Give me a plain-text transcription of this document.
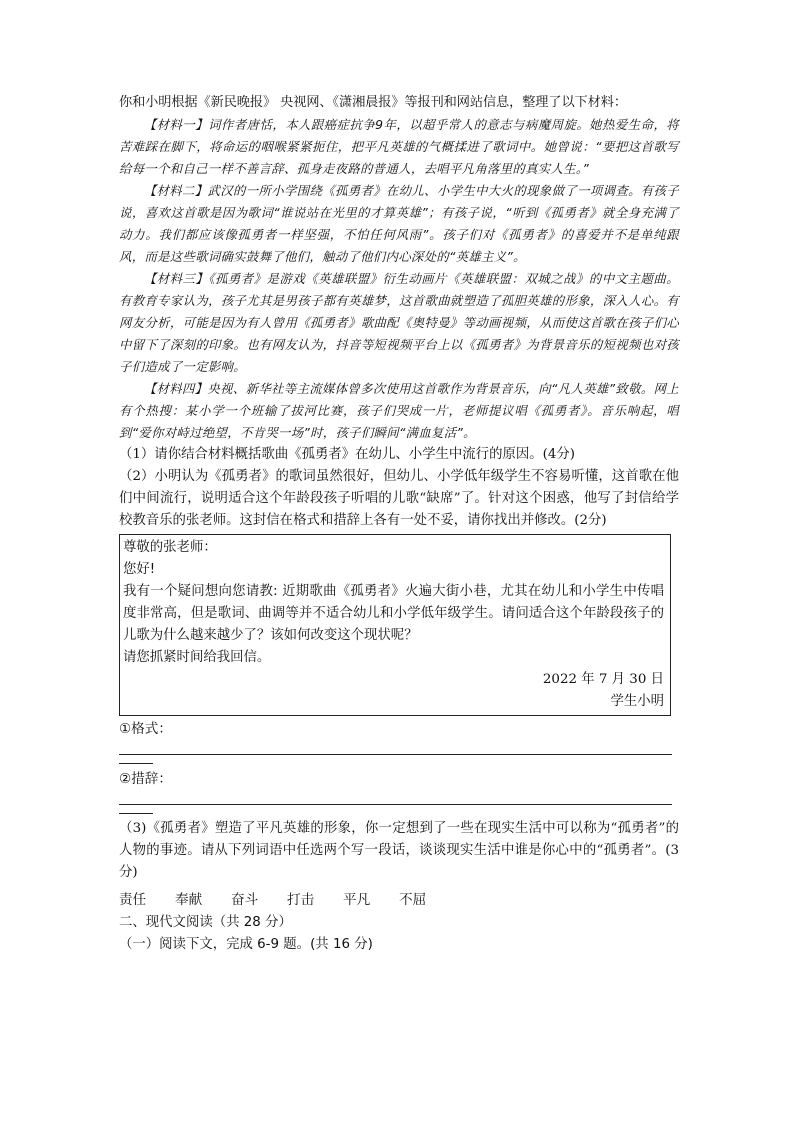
你和小明根据《新民晚报》 央视网、《潇湘晨报》等报刊和网站信息，整理了以下材料：

【材料一】词作者唐恬，本人跟癌症抗争9年，以超乎常人的意志与病魔周旋。她热爱生命，将苦难踩在脚下，将命运的咽喉紧紧扼住，把平凡英雄的气概揉进了歌词中。她曾说：“要把这首歌写给每一个和自己一样不善言辞、孤身走夜路的普通人，去唱平凡角落里的真实人生。”

【材料二】武汉的一所小学围绕《孤勇者》在幼儿、小学生中大火的现象做了一项调查。有孩子说，喜欢这首歌是因为歌词“谁说站在光里的才算英雄”；有孩子说，“听到《孤勇者》就全身充满了动力。我们都应该像孤勇者一样坚强，不怕任何风雨”。孩子们对《孤勇者》的喜爱并不是单纯跟风，而是这些歌词确实鼓舞了他们，触动了他们内心深处的“英雄主义”。

【材料三】《孤勇者》是游戏《英雄联盟》衍生动画片《英雄联盟：双城之战》的中文主题曲。有教育专家认为，孩子尤其是男孩子都有英雄梦，这首歌曲就塑造了孤胆英雄的形象，深入人心。有网友分析，可能是因为有人曾用《孤勇者》歌曲配《奥特曼》等动画视频，从而使这首歌在孩子们心中留下了深刻的印象。也有网友认为，抖音等短视频平台上以《孤勇者》为背景音乐的短视频也对孩子们造成了一定影响。

【材料四】央视、新华社等主流媒体曾多次使用这首歌作为背景音乐，向“凡人英雄”致敬。网上有个热搜：某小学一个班输了拔河比赛，孩子们哭成一片，老师提议唱《孤勇者》。音乐响起，唱到“爱你对峙过绝望，不肯哭一场”时，孩子们瞬间“满血复活”。

（1）请你结合材料概括歌曲《孤勇者》在幼儿、小学生中流行的原因。(4分)

（2）小明认为《孤勇者》的歌词虽然很好，但幼儿、小学低年级学生不容易听懂，这首歌在他们中间流行，说明适合这个年龄段孩子听唱的儿歌“缺席”了。针对这个困惑，他写了封信给学校教音乐的张老师。这封信在格式和措辞上各有一处不妥，请你找出并修改。(2分)

尊敬的张老师：

您好!

我有一个疑问想向您请教: 近期歌曲《孤勇者》火遍大街小巷，尤其在幼儿和小学生中传唱度非常高，但是歌词、曲调等并不适合幼儿和小学低年级学生。请问适合这个年龄段孩子的儿歌为什么越来越少了？该如何改变这个现状呢？

请您抓紧时间给我回信。

2022 年 7 月 30 日

学生小明

①格式：

②措辞：

（3)《孤勇者》塑造了平凡英雄的形象，你一定想到了一些在现实生活中可以称为“孤勇者”的人物的事迹。请从下列词语中任选两个写一段话，谈谈现实生活中谁是你心中的“孤勇者”。(3分)

责任	奉献	奋斗	打击	平凡	不屈

二、现代文阅读（共 28 分）

（一）阅读下文，完成 6-9 题。(共 16 分)
